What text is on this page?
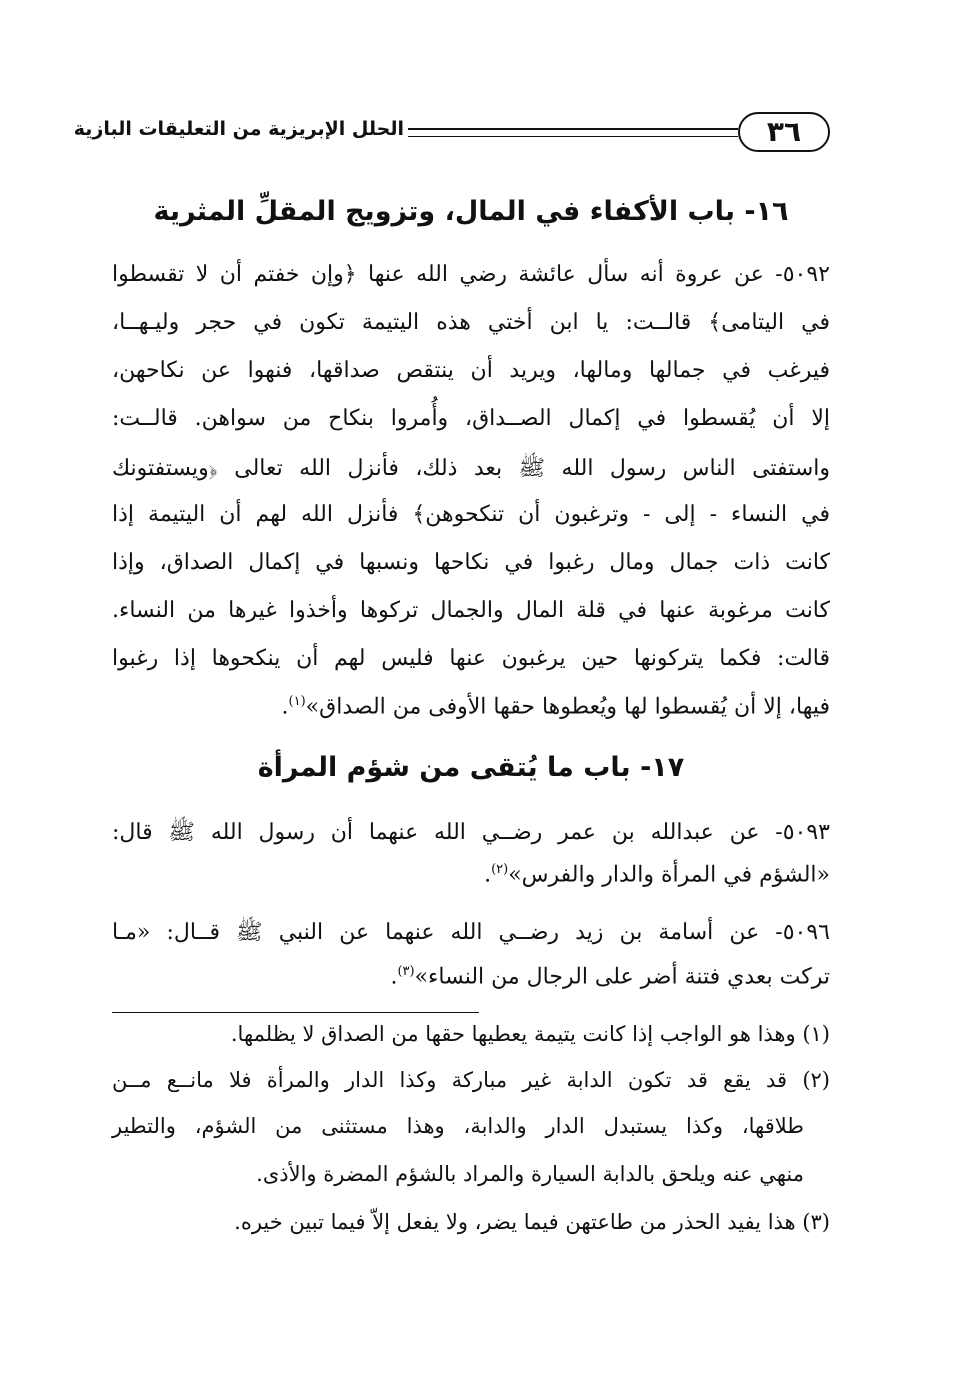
٣٦
الحلل الإبريزية من التعليقات البازية
١٦- باب الأكفاء في المال، وتزويج المقلِّ المثرية
٥٠٩٢- عن عروة أنه سأل عائشة رضي الله عنها ﴿وإن خفتم أن لا تقسطوا
في اليتامى﴾ قالــت: يا ابن أختي هذه اليتيمة تكون في حجر وليـهــا،
فيرغب في جمالها ومالها، ويريد أن ينتقص صداقها، فنهوا عن نكاحهن،
إلا أن يُقسطوا في إكمال الصــداق، وأُمروا بنكاح من سواهن. قالــت:
واستفتى الناس رسول الله ﷺ بعد ذلك، فأنزل الله تعالى ﴿ويستفتونك
في النساء - إلى - وترغبون أن تنكحوهن﴾ فأنزل الله لهم أن اليتيمة إذا
كانت ذات جمال ومال رغبوا في نكاحها ونسبها في إكمال الصداق، وإذا
كانت مرغوبة عنها في قلة المال والجمال تركوها وأخذوا غيرها من النساء.
قالت: فكما يتركونها حين يرغبون عنها فليس لهم أن ينكحوها إذا رغبوا
فيها، إلا أن يُقسطوا لها ويُعطوها حقها الأوفى من الصداق»$^{(١)}$.
١٧- باب ما يُتقى من شؤم المرأة
٥٠٩٣- عن عبدالله بن عمر رضــي الله عنهما أن رسول الله ﷺ قال:
«الشؤم في المرأة والدار والفرس»$^{(٢)}$.
٥٠٩٦- عن أسامة بن زيد رضــي الله عنهما عن النبي ﷺ قــال: «مـا
تركت بعدي فتنة أضر على الرجال من النساء»$^{(٣)}$.
(١) وهذا هو الواجب إذا كانت يتيمة يعطيها حقها من الصداق لا يظلمها.
(٢) قد يقع قد تكون الدابة غير مباركة وكذا الدار والمرأة فلا مانــع مــن
طلاقها، وكذا يستبدل الدار والدابة، وهذا مستثنى من الشؤم، والتطير
منهي عنه ويلحق بالدابة السيارة والمراد بالشؤم المضرة والأذى.
(٣) هذا يفيد الحذر من طاعتهن فيما يضر، ولا يفعل إلاّ فيما تبين خيره.
